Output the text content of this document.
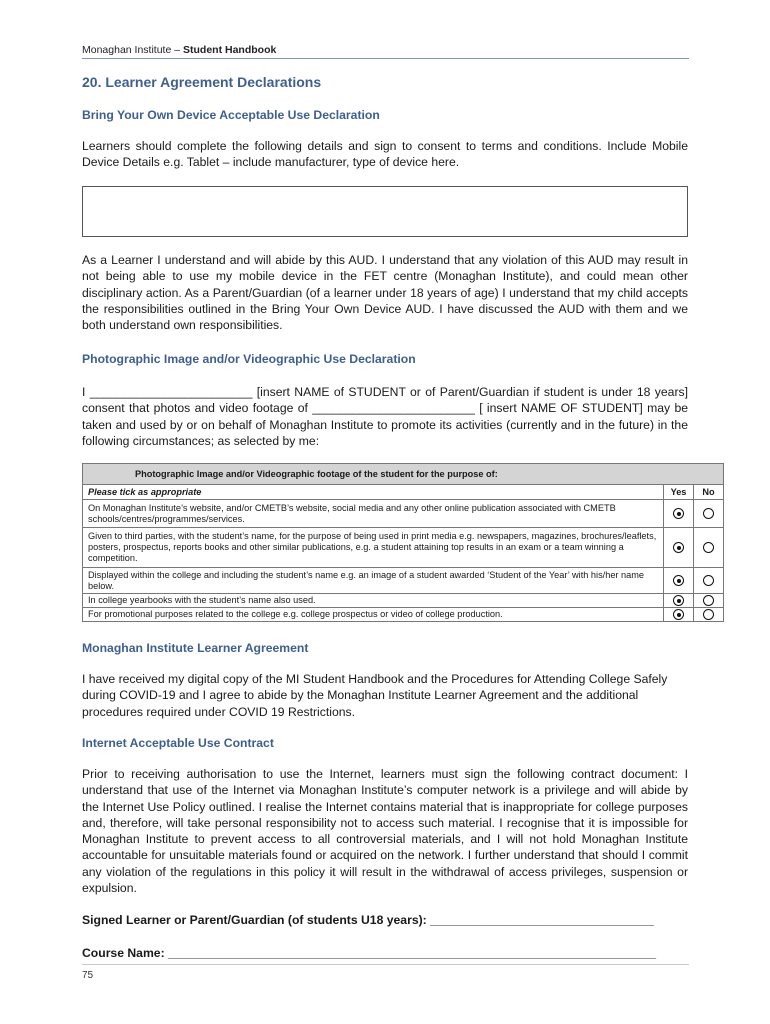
Monaghan Institute – Student Handbook
20. Learner Agreement Declarations
Bring Your Own Device Acceptable Use Declaration
Learners should complete the following details and sign to consent to terms and conditions. Include Mobile Device Details e.g. Tablet – include manufacturer, type of device here.
As a Learner I understand and will abide by this AUD. I understand that any violation of this AUD may result in not being able to use my mobile device in the FET centre (Monaghan Institute), and could mean other disciplinary action. As a Parent/Guardian (of a learner under 18 years of age) I understand that my child accepts the responsibilities outlined in the Bring Your Own Device AUD. I have discussed the AUD with them and we both understand own responsibilities.
Photographic Image and/or Videographic Use Declaration
I ________________________ [insert NAME of STUDENT or of Parent/Guardian if student is under 18 years] consent that photos and video footage of ________________________ [ insert NAME OF STUDENT] may be taken and used by or on behalf of Monaghan Institute to promote its activities (currently and in the future) in the following circumstances; as selected by me:
Photographic Image and/or Videographic footage of the student for the purpose of:		
Please tick as appropriate	Yes	No
On Monaghan Institute’s website, and/or CMETB’s website, social media and any other online publication associated with CMETB schools/centres/programmes/services.		
Given to third parties, with the student’s name, for the purpose of being used in print media e.g. newspapers, magazines, brochures/leaflets, posters, prospectus, reports books and other similar publications, e.g. a student attaining top results in an exam or a team winning a competition.		
Displayed within the college and including the student’s name e.g. an image of a student awarded ‘Student of the Year’ with his/her name below.		
In college yearbooks with the student’s name also used.		
For promotional purposes related to the college e.g. college prospectus or video of college production.		
Monaghan Institute Learner Agreement
I have received my digital copy of the MI Student Handbook and the Procedures for Attending College Safely during COVID-19 and I agree to abide by the Monaghan Institute Learner Agreement and the additional procedures required under COVID 19 Restrictions.
Internet Acceptable Use Contract
Prior to receiving authorisation to use the Internet, learners must sign the following contract document: I understand that use of the Internet via Monaghan Institute’s computer network is a privilege and will abide by the Internet Use Policy outlined. I realise the Internet contains material that is inappropriate for college purposes and, therefore, will take personal responsibility not to access such material. I recognise that it is impossible for Monaghan Institute to prevent access to all controversial materials, and I will not hold Monaghan Institute accountable for unsuitable materials found or acquired on the network. I further understand that should I commit any violation of the regulations in this policy it will result in the withdrawal of access privileges, suspension or expulsion.
Signed Learner or Parent/Guardian (of students U18 years): _________________________________
Course Name: ________________________________________________________________________
75
